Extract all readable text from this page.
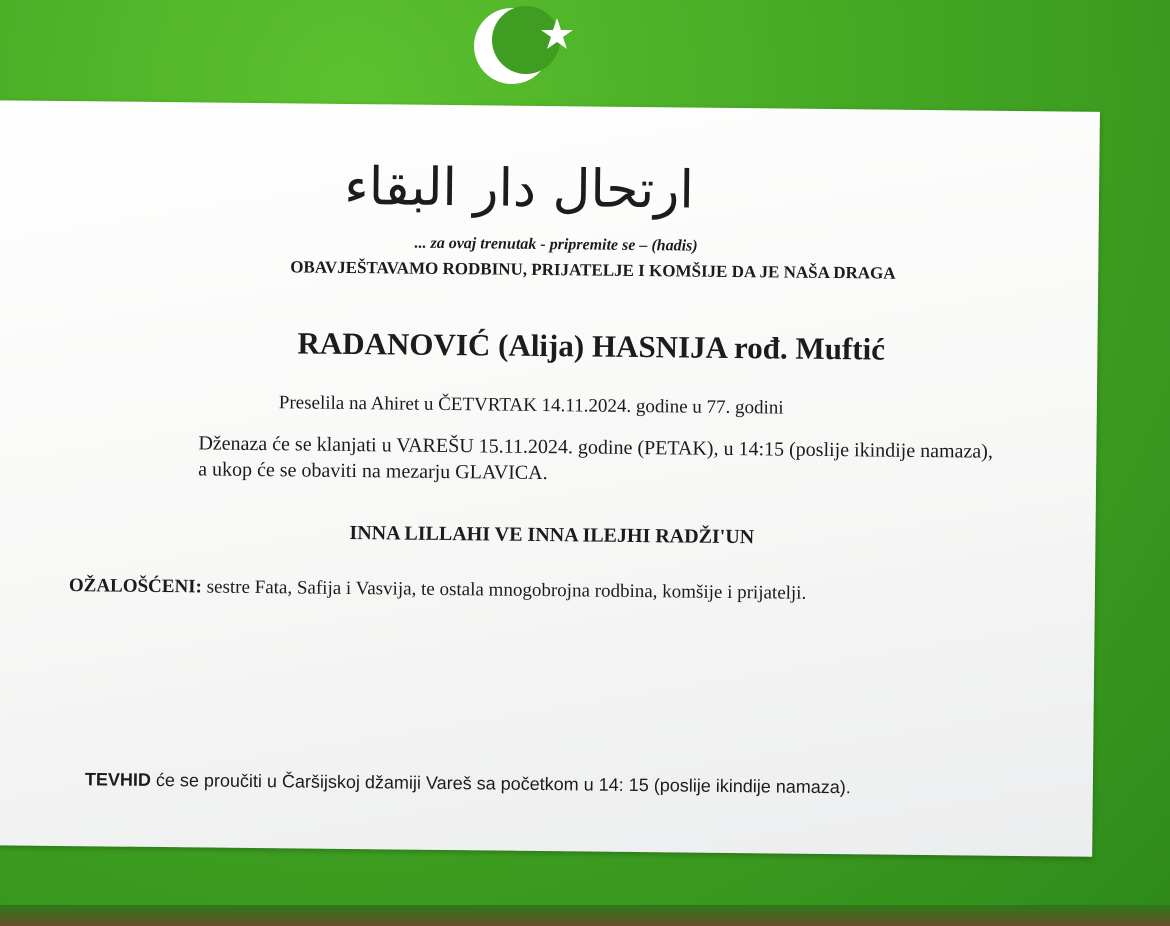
ارتحال دار البقاء
... za ovaj trenutak - pripremite se – (hadis)
OBAVJEŠTAVAMO RODBINU, PRIJATELJE I KOMŠIJE DA JE NAŠA DRAGA
RADANOVIĆ (Alija) HASNIJA rođ. Muftić
Preselila na Ahiret u ČETVRTAK 14.11.2024. godine u 77. godini
Dženaza će se klanjati u VAREŠU 15.11.2024. godine (PETAK), u 14:15 (poslije ikindije namaza), a ukop će se obaviti na mezarju GLAVICA.
INNA LILLAHI VE INNA ILEJHI RADŽI'UN
OŽALOŠĆENI: sestre Fata, Safija i Vasvija, te ostala mnogobrojna rodbina, komšije i prijatelji.
TEVHID će se proučiti u Čaršijskoj džamiji Vareš sa početkom u 14: 15 (poslije ikindije namaza).
